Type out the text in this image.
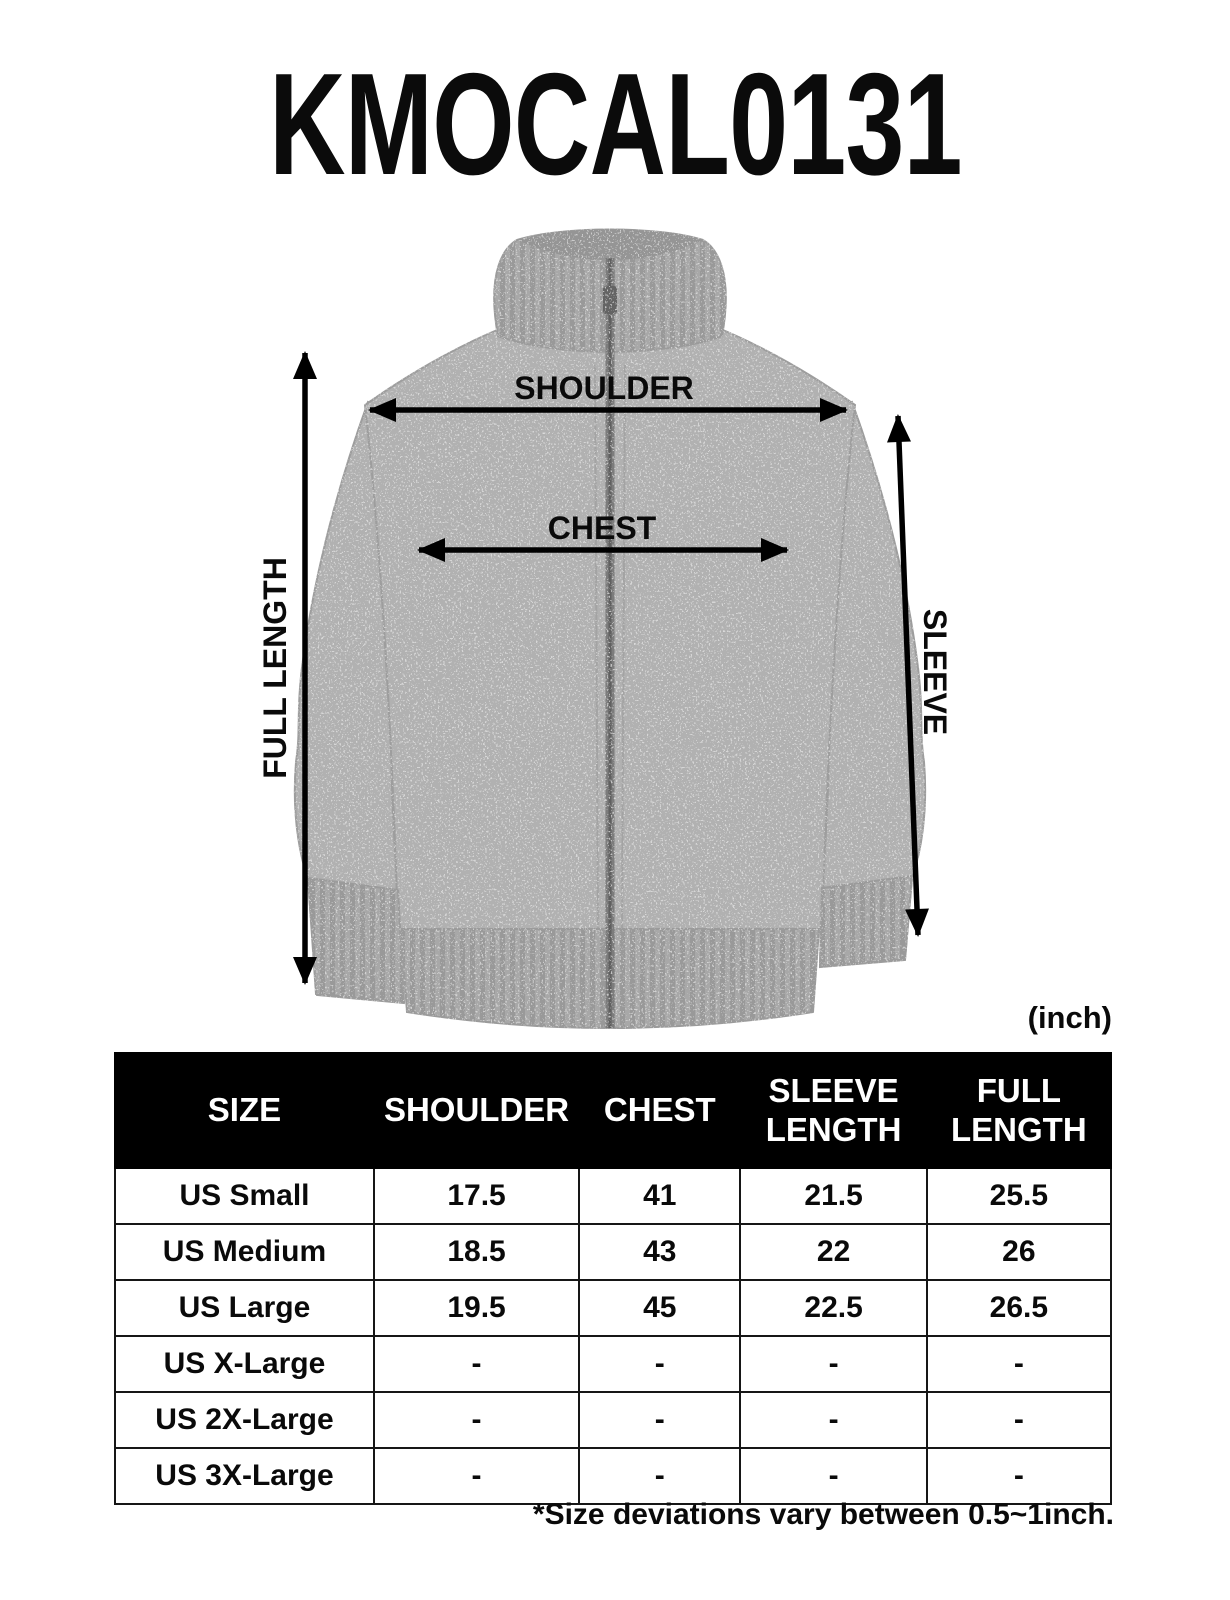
KMOCAL0131
SHOULDER
CHEST
FULL LENGTH	SLEEVE
(inch)
SIZE	SHOULDER	CHEST	SLEEVE LENGTH	FULL LENGTH
US Small	17.5	41	21.5	25.5
US Medium	18.5	43	22	26
US Large	19.5	45	22.5	26.5
US X-Large	-	-	-	-
US 2X-Large	-	-	-	-
US 3X-Large	-	-	-	-
*Size deviations vary between 0.5~1inch.
